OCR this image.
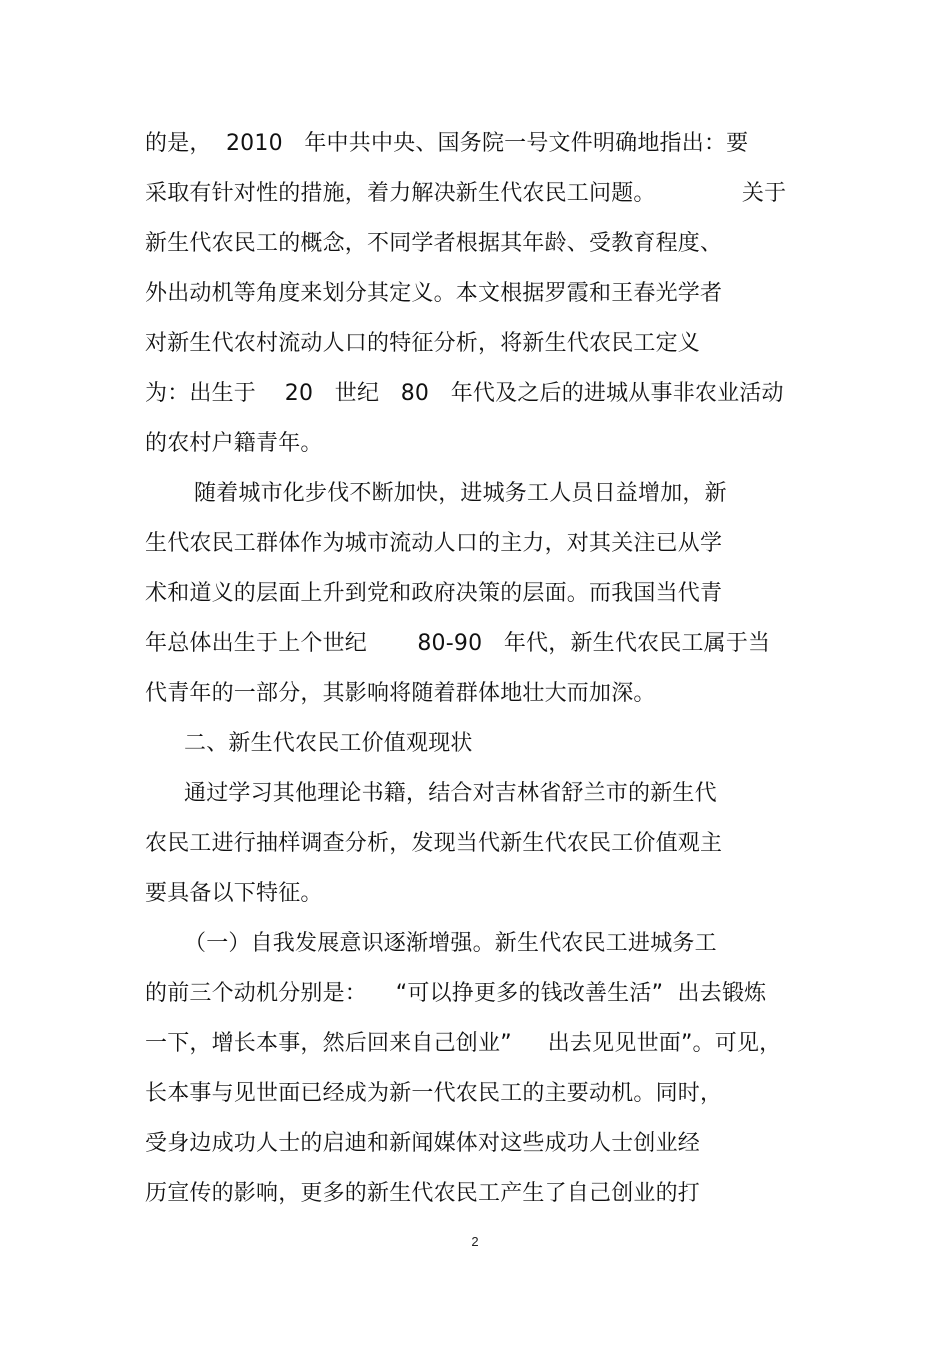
的是，  2010   年中共中央、国务院一号文件明确地指出：要
采取有针对性的措施，着力解决新生代农民工问题。            关于
新生代农民工的概念，不同学者根据其年龄、受教育程度、
外出动机等角度来划分其定义。本文根据罗霞和王春光学者
对新生代农村流动人口的特征分析，将新生代农民工定义
为：出生于    20   世纪   80   年代及之后的进城从事非农业活动
的农村户籍青年。
随着城市化步伐不断加快，进城务工人员日益增加，新
生代农民工群体作为城市流动人口的主力，对其关注已从学
术和道义的层面上升到党和政府决策的层面。而我国当代青
年总体出生于上个世纪       80-90   年代，新生代农民工属于当
代青年的一部分，其影响将随着群体地壮大而加深。
二、新生代农民工价值观现状
通过学习其他理论书籍，结合对吉林省舒兰市的新生代
农民工进行抽样调查分析，发现当代新生代农民工价值观主
要具备以下特征。
（一）自我发展意识逐渐增强。新生代农民工进城务工
的前三个动机分别是：    “可以挣更多的钱改善生活”  出去锻炼
一下，增长本事，然后回来自己创业”     出去见见世面”。可见，
长本事与见世面已经成为新一代农民工的主要动机。同时，
受身边成功人士的启迪和新闻媒体对这些成功人士创业经
历宣传的影响，更多的新生代农民工产生了自己创业的打
2
